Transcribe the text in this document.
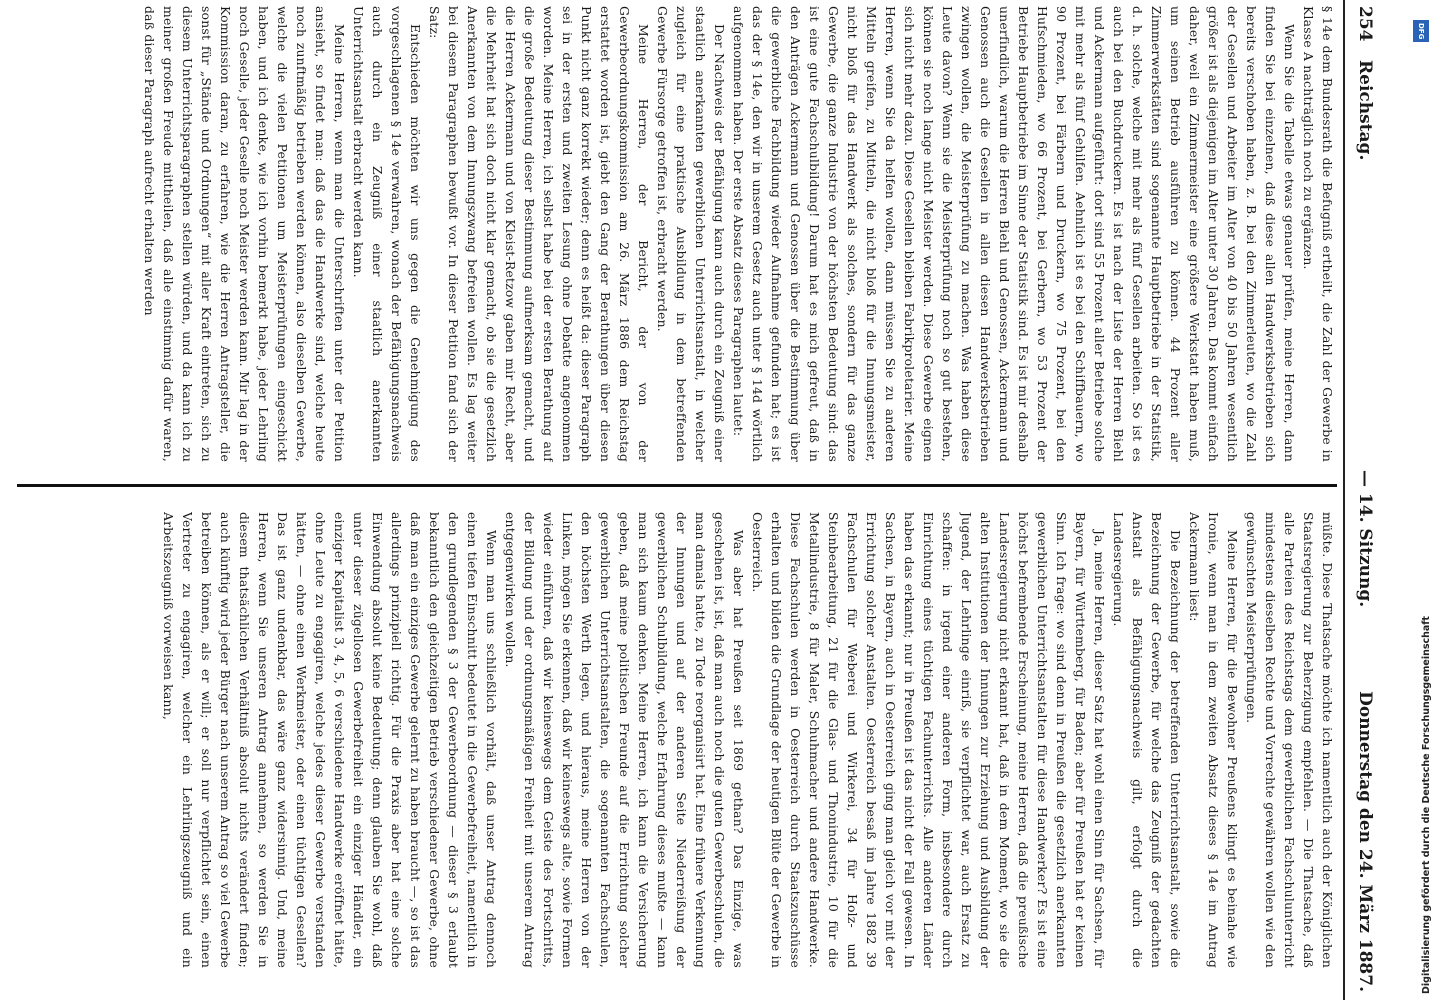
254
Reichstag.
— 14. Sitzung.
Donnerstag den 24. März 1887.

§ 14e dem Bundesrath die Befugniß ertheilt, die Zahl der Gewerbe in Klasse A nachträglich noch zu ergänzen.

Wenn Sie die Tabelle etwas genauer prüfen, meine Herren, dann finden Sie bei einzelnen, daß diese allen Handwerksbetrieben sich bereits verschoben haben, z. B. bei den Zimmerleuten, wo die Zahl der Gesellen und Arbeiter im Alter von 40 bis 50 Jahren wesentlich größer ist als diejenigen im Alter unter 30 Jahren. Das kommt einfach daher, weil ein Zimmermeister eine größere Werkstatt haben muß, um seinen Betrieb ausführen zu können. 44 Prozent aller Zimmerwerkstätten sind sogenannte Hauptbetriebe in der Statistik, d. h. solche, welche mit mehr als fünf Gesellen arbeiten. So ist es auch bei den Buchdruckern. Es ist nach der Liste der Herren Biehl und Ackermann aufgeführt: dort sind 55 Prozent aller Betriebe solche mit mehr als fünf Gehilfen. Aehnlich ist es bei den Schiffbauern, wo 90 Prozent, bei Färbern und Druckern, wo 75 Prozent, bei den Hufschmieden, wo 66 Prozent, bei Gerbern, wo 53 Prozent der Betriebe Hauptbetriebe im Sinne der Statistik sind. Es ist mir deshalb unerfindlich, warum die Herren Biehl und Genossen, Ackermann und Genossen auch die Gesellen in allen diesen Handwerksbetrieben zwingen wollen, die Meisterprüfung zu machen. Was haben diese Leute davon? Wenn sie die Meisterprüfung noch so gut bestehen, können sie noch lange nicht Meister werden. Diese Gewerbe eignen sich nicht mehr dazu. Diese Gesellen bleiben Fabrikproletarier. Meine Herren, wenn Sie da helfen wollen, dann müssen Sie zu anderen Mitteln greifen, zu Mitteln, die nicht bloß für die Innungsmeister, nicht bloß für das Handwerk als solches, sondern für das ganze Gewerbe, die ganze Industrie von der höchsten Bedeutung sind: das ist eine gute Fachschulbildung! Darum hat es mich gefreut, daß in den Anträgen Ackermann und Genossen über die Bestimmung über die gewerbliche Fachbildung wieder Aufnahme gefunden hat; es ist das der § 14e, den wir in unserem Gesetz auch unter § 14d wörtlich aufgenommen haben. Der erste Absatz dieses Paragraphen lautet:

Der Nachweis der Befähigung kann auch durch ein Zeugniß einer staatlich anerkannten gewerblichen Unterrichtsanstalt, in welcher zugleich für eine praktische Ausbildung in dem betreffenden Gewerbe Fürsorge getroffen ist, erbracht werden.

Meine Herren, der Bericht, der von der Gewerbeordnungskommission am 26. März 1886 dem Reichstag erstattet worden ist, giebt den Gang der Berathungen über diesen Punkt nicht ganz korrekt wieder; denn es heißt da: dieser Paragraph sei in der ersten und zweiten Lesung ohne Debatte angenommen worden. Meine Herren, ich selbst habe bei der ersten Berathung auf die große Bedeutung dieser Bestimmung aufmerksam gemacht, und die Herren Ackermann und von Kleist-Retzow gaben mir Recht, aber die Mehrheit hat sich doch nicht klar gemacht, ob sie die gesetzlich Anerkannten von dem Innungszwang befreien wollen. Es lag weiter bei diesem Paragraphen bewußt vor. In dieser Petition fand sich der Satz:

Entschieden möchten wir uns gegen die Genehmigung des vorgeschlagenen § 14e verwahren, wonach der Befähigungsnachweis auch durch ein Zeugniß einer staatlich anerkannten Unterrichtsanstalt erbracht werden kann.

Meine Herren, wenn man die Unterschriften unter der Petition ansieht, so findet man: daß das die Handwerke sind, welche heute noch zunftmäßig betrieben werden können, also dieselben Gewerbe, welche die vielen Petitionen um Meisterprüfungen eingeschickt haben, und ich denke, wie ich vorhin bemerkt habe, jeder Lehrling noch Geselle, jeder Geselle noch Meister werden kann. Mir lag in der Kommission daran, zu erfahren, wie die Herren Antragsteller, die sonst für „Stände und Ordnungen“ mit aller Kraft eintreten, sich zu diesem Unterrichtsparagraphen stellen würden, und da kann ich zu meiner großen Freude mittheilen, daß alle einstimmig dafür waren, daß dieser Paragraph aufrecht erhalten werden

müßte. Diese Thatsache möchte ich namentlich auch der Königlichen Staatsregierung zur Beherzigung empfehlen. — Die Thatsache, daß alle Parteien des Reichstags dem gewerblichen Fachschulunterricht mindestens dieselben Rechte und Vorrechte gewähren wollen wie den gewünschten Meisterprüfungen.

Meine Herren, für die Bewohner Preußens klingt es beinahe wie Ironie, wenn man in dem zweiten Absatz dieses § 14e im Antrag Ackermann liest:

Die Bezeichnung der betreffenden Unterrichtsanstalt, sowie die Bezeichnung der Gewerbe, für welche das Zeugniß der gedachten Anstalt als Befähigungsnachweis gilt, erfolgt durch die Landesregierung.

Ja, meine Herren, dieser Satz hat wohl einen Sinn für Sachsen, für Bayern, für Württemberg, für Baden; aber für Preußen hat er keinen Sinn. Ich frage: wo sind denn in Preußen die gesetzlich anerkannten gewerblichen Unterrichtsanstalten für diese Handwerker? Es ist eine höchst befrembende Erscheinung, meine Herren, daß die preußische Landesregierung nicht erkannt hat, daß in dem Moment, wo sie die alten Institutionen der Innungen zur Erziehung und Ausbildung der Jugend, der Lehrlinge einriß, sie verpflichtet war, auch Ersatz zu schaffen: in irgend einer anderen Form, insbesondere durch Einrichtung eines tüchtigen Fachunterrichts. Alle anderen Länder haben das erkannt; nur in Preußen ist das nicht der Fall gewesen. In Sachsen, in Bayern, auch in Oesterreich ging man gleich vor mit der Errichtung solcher Anstalten. Oesterreich besaß im Jahre 1882 39 Fachschulen für Weberei und Wirkerei, 34 für Holz- und Steinbearbeitung, 21 für die Glas- und Thonindustrie, 10 für die Metallindustrie, 8 für Maler, Schuhmacher und andere Handwerke. Diese Fachschulen werden in Oesterreich durch Staatszuschüsse erhalten und bilden die Grundlage der heutigen Blüte der Gewerbe in Oesterreich.

Was aber hat Preußen seit 1869 gethan? Das Einzige, was geschehen ist, ist, daß man auch noch die guten Gewerbeschulen, die man damals hatte, zu Tode reorganisirt hat. Eine frühere Verkennung der Innungen und auf der anderen Seite Niederreißung der gewerblichen Schulbildung, welche Erfahrung dieses mußte — kann man sich kaum denken. Meine Herren, ich kann die Versicherung geben, daß meine politischen Freunde auf die Errichtung solcher gewerblichen Unterrichtsanstalten, die sogenannten Fachschulen, den höchsten Werth legen, und hieraus, meine Herren von der Linken, mögen Sie erkennen, daß wir keineswegs alte, sowie Formen wieder einführen, daß wir keineswegs dem Geiste des Fortschritts, der Bildung und der ordnungsmäßigen Freiheit mit unserem Antrag entgegenwirken wollen.

Wenn man uns schließlich vorhält, daß unser Antrag dennoch einen tiefen Einschnitt bedeutet in die Gewerbefreiheit, namentlich in den grundlegenden § 3 der Gewerbeordnung — dieser § 3 erlaubt bekanntlich den gleichzeitigen Betrieb verschiedener Gewerbe, ohne daß man ein einziges Gewerbe gelernt zu haben braucht —, so ist das allerdings prinzipiell richtig. Für die Praxis aber hat eine solche Einwendung absolut keine Bedeutung; denn glauben Sie wohl, daß unter dieser zügellosen Gewerbefreiheit ein einziger Händler, ein einziger Kapitalist 3, 4, 5, 6 verschiedene Handwerke eröffnet hätte, ohne Leute zu engagiren, welche jedes dieser Gewerbe verstanden hätten, — ohne einen Werkmeister, oder einen tüchtigen Gesellen? Das ist ganz undenkbar, das wäre ganz widersinnig. Und, meine Herren, wenn Sie unseren Antrag annehmen, so werden Sie in diesem thatsächlichen Verhältniß absolut nichts verändert finden; auch künftig wird jeder Bürger nach unserem Antrag so viel Gewerbe betreiben können, als er will; er soll nur verpflichtet sein, einen Vertreter zu engagiren, welcher ein Lehrlingszeugniß und ein Arbeitszeugniß vorweisen kann,

DFG
Digitalisierung gefördert durch die Deutsche Forschungsgemeinschaft
